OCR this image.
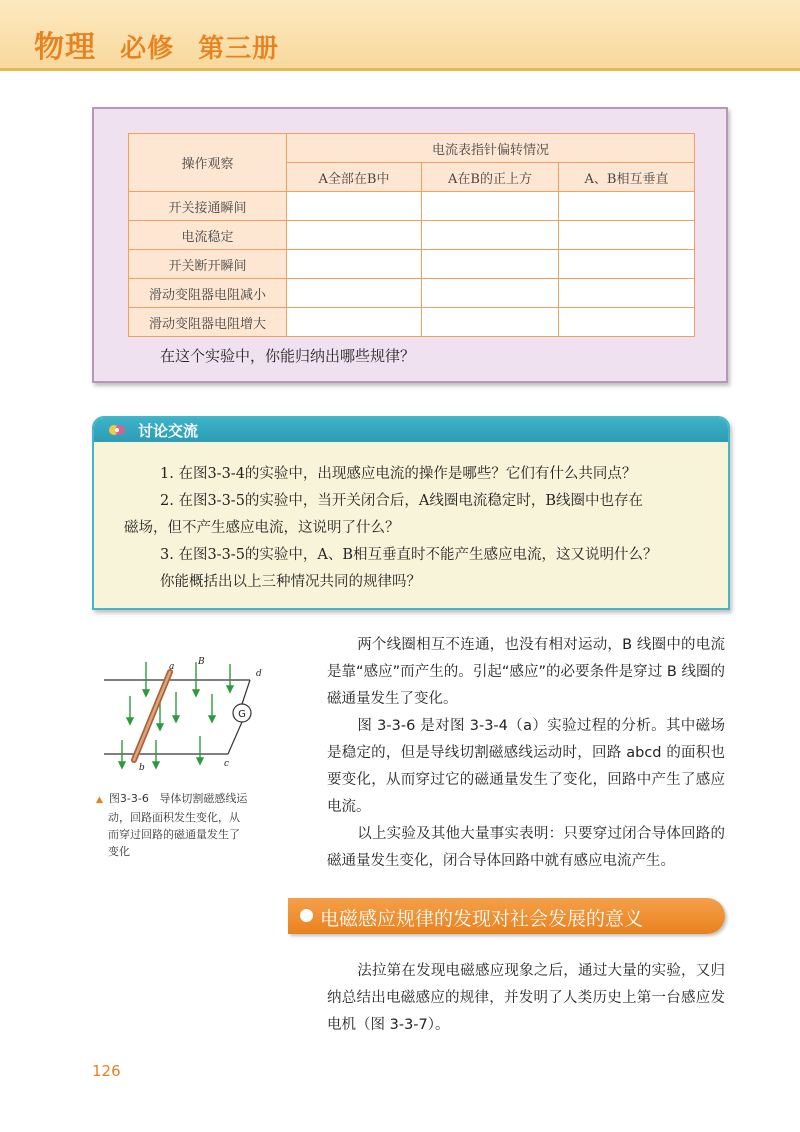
物理 必修 第三册
操作观察	电流表指针偏转情况		
	A全部在B中	A在B的正上方	A、B相互垂直
开关接通瞬间			
电流稳定			
开关断开瞬间			
滑动变阻器电阻减小			
滑动变阻器电阻增大			
在这个实验中，你能归纳出哪些规律？
讨论交流

1. 在图3-3-4的实验中，出现感应电流的操作是哪些？它们有什么共同点？

2. 在图3-3-5的实验中，当开关闭合后，A线圈电流稳定时，B线圈中也存在

磁场，但不产生感应电流，这说明了什么？

3. 在图3-3-5的实验中，A、B相互垂直时不能产生感应电流，这又说明什么？

你能概括出以上三种情况共同的规律吗？

G
a
b	c
d
B
▲ 图3-3-6 导体切割磁感线运
动，回路面积发生变化，从
而穿过回路的磁通量发生了
变化

两个线圈相互不连通，也没有相对运动，B 线圈中的电流是靠“感应”而产生的。引起“感应”的必要条件是穿过 B 线圈的磁通量发生了变化。

图 3-3-6 是对图 3-3-4（a）实验过程的分析。其中磁场是稳定的，但是导线切割磁感线运动时，回路 abcd 的面积也要变化，从而穿过它的磁通量发生了变化，回路中产生了感应电流。

以上实验及其他大量事实表明：只要穿过闭合导体回路的磁通量发生变化，闭合导体回路中就有感应电流产生。

电磁感应规律的发现对社会发展的意义

法拉第在发现电磁感应现象之后，通过大量的实验，又归纳总结出电磁感应的规律，并发明了人类历史上第一台感应发电机（图 3-3-7）。

126
